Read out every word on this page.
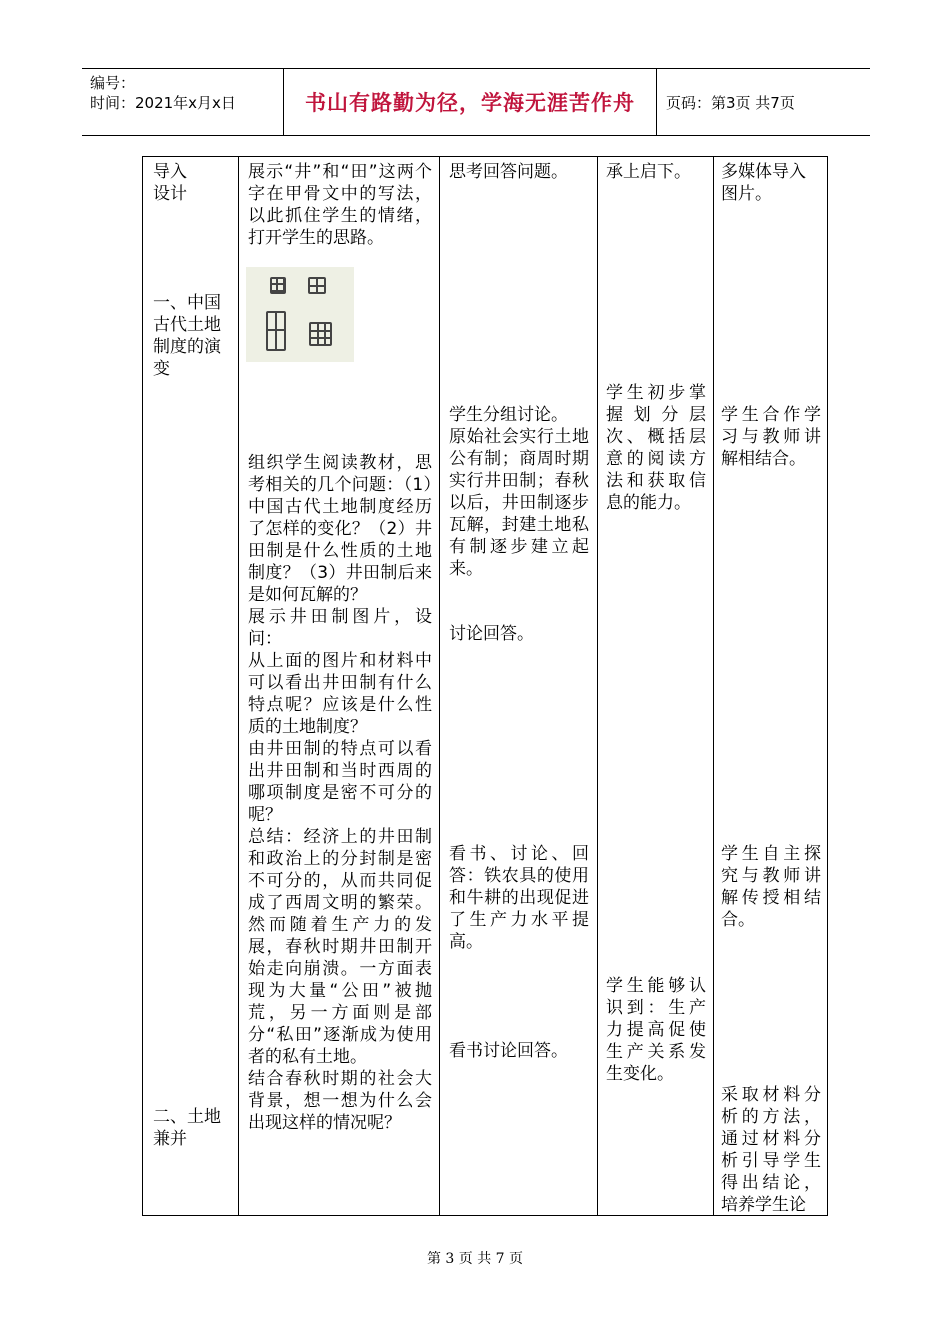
编号：
时间：2021年x月x日	书山有路勤为径，学海无涯苦作舟	页码：第3页 共7页
导入
设计
一、中国
古代土地
制度的演
变
二、土地
兼并
展示“井”和“田”这两个字在甲骨文中的写法，以此抓住学生的情绪，打开学生的思路。
组织学生阅读教材，思考相关的几个问题：（1）中国古代土地制度经历了怎样的变化？（2）井田制是什么性质的土地制度？（3）井田制后来是如何瓦解的？
展示井田制图片，设问：
从上面的图片和材料中可以看出井田制有什么特点呢？应该是什么性质的土地制度？
由井田制的特点可以看出井田制和当时西周的哪项制度是密不可分的呢？
总结：经济上的井田制和政治上的分封制是密不可分的，从而共同促成了西周文明的繁荣。然而随着生产力的发展，春秋时期井田制开始走向崩溃。一方面表现为大量“公田”被抛荒，另一方面则是部分“私田”逐渐成为使用者的私有土地。
结合春秋时期的社会大背景，想一想为什么会出现这样的情况呢？
思考回答问题。
学生分组讨论。
原始社会实行土地公有制；商周时期实行井田制；春秋以后，井田制逐步瓦解，封建土地私有制逐步建立起来。
讨论回答。
看书、讨论、回答：铁农具的使用和牛耕的出现促进了生产力水平提高。
看书讨论回答。
承上启下。
学生初步掌握划分层次、概括层意的阅读方法和获取信息的能力。
学生能够认识到：生产力提高促使生产关系发生变化。
多媒体导入图片。
学生合作学习与教师讲解相结合。
学生自主探究与教师讲解传授相结合。
采取材料分析的方法，通过材料分析引导学生得出结论，培养学生论
第 3 页 共 7 页
